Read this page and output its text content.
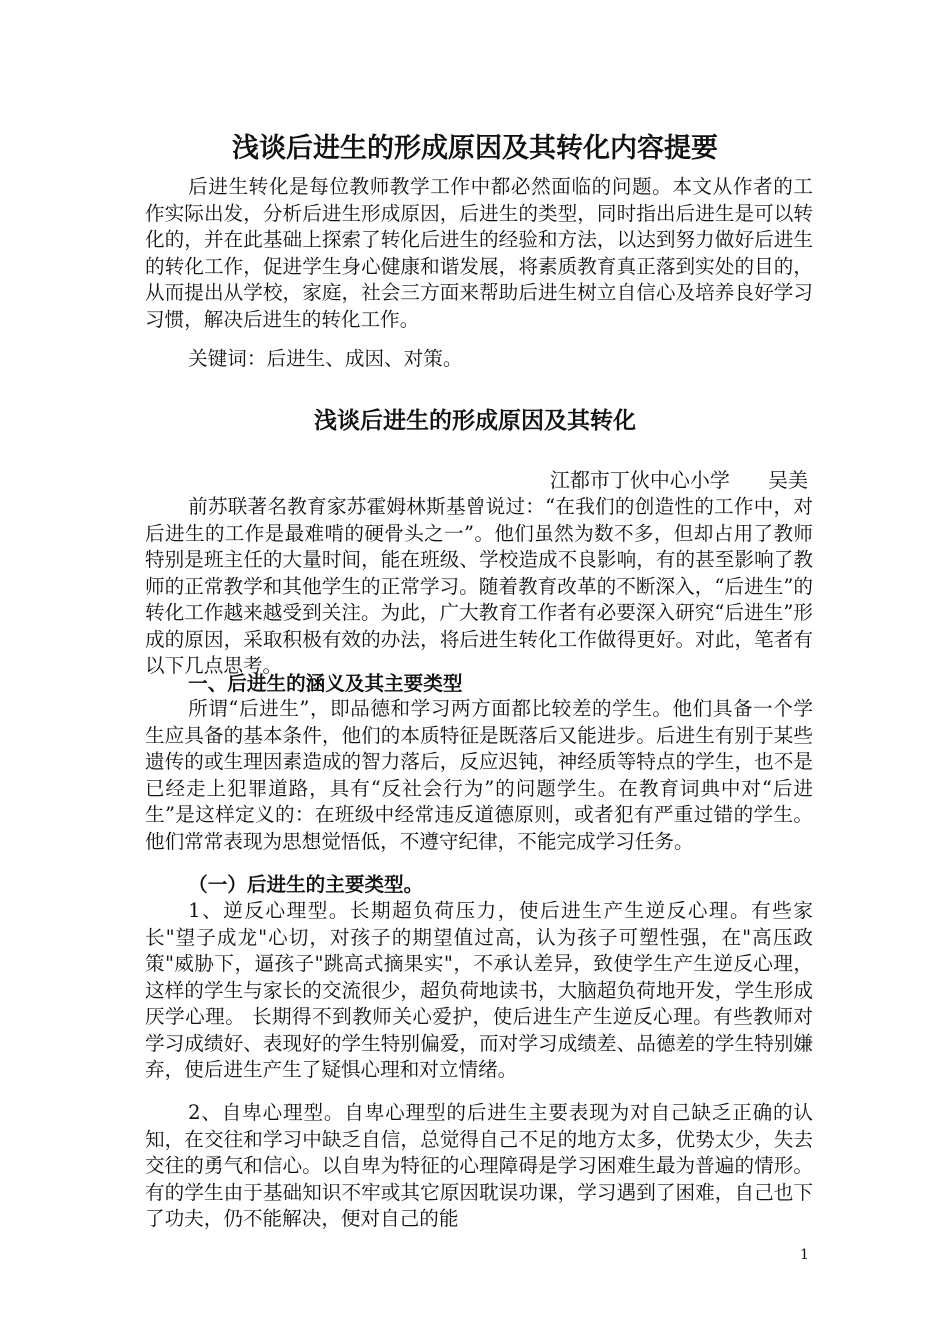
浅谈后进生的形成原因及其转化内容提要

后进生转化是每位教师教学工作中都必然面临的问题。本文从作者的工作实际出发，分析后进生形成原因，后进生的类型，同时指出后进生是可以转化的，并在此基础上探索了转化后进生的经验和方法，以达到努力做好后进生的转化工作，促进学生身心健康和谐发展，将素质教育真正落到实处的目的，从而提出从学校，家庭，社会三方面来帮助后进生树立自信心及培养良好学习习惯，解决后进生的转化工作。

关键词：后进生、成因、对策。

浅谈后进生的形成原因及其转化
江都市丁伙中心小学      吴美

前苏联著名教育家苏霍姆林斯基曾说过：“在我们的创造性的工作中，对后进生的工作是最难啃的硬骨头之一”。他们虽然为数不多，但却占用了教师特别是班主任的大量时间，能在班级、学校造成不良影响，有的甚至影响了教师的正常教学和其他学生的正常学习。随着教育改革的不断深入，“后进生”的转化工作越来越受到关注。为此，广大教育工作者有必要深入研究“后进生”形成的原因，采取积极有效的办法，将后进生转化工作做得更好。对此，笔者有以下几点思考。

一、后进生的涵义及其主要类型

所谓“后进生”，即品德和学习两方面都比较差的学生。他们具备一个学生应具备的基本条件，他们的本质特征是既落后又能进步。后进生有别于某些遗传的或生理因素造成的智力落后，反应迟钝，神经质等特点的学生，也不是已经走上犯罪道路，具有“反社会行为”的问题学生。在教育词典中对“后进生”是这样定义的：在班级中经常违反道德原则，或者犯有严重过错的学生。他们常常表现为思想觉悟低，不遵守纪律，不能完成学习任务。

（一）后进生的主要类型。

1、逆反心理型。长期超负荷压力，使后进生产生逆反心理。有些家长"望子成龙"心切，对孩子的期望值过高，认为孩子可塑性强，在"高压政策"威胁下，逼孩子"跳高式摘果实"，不承认差异，致使学生产生逆反心理，这样的学生与家长的交流很少，超负荷地读书，大脑超负荷地开发，学生形成厌学心理。 长期得不到教师关心爱护，使后进生产生逆反心理。有些教师对学习成绩好、表现好的学生特别偏爱，而对学习成绩差、品德差的学生特别嫌弃，使后进生产生了疑惧心理和对立情绪。

2、自卑心理型。自卑心理型的后进生主要表现为对自己缺乏正确的认知，在交往和学习中缺乏自信，总觉得自己不足的地方太多，优势太少，失去交往的勇气和信心。以自卑为特征的心理障碍是学习困难生最为普遍的情形。有的学生由于基础知识不牢或其它原因耽误功课，学习遇到了困难，自己也下了功夫，仍不能解决，便对自己的能

1
